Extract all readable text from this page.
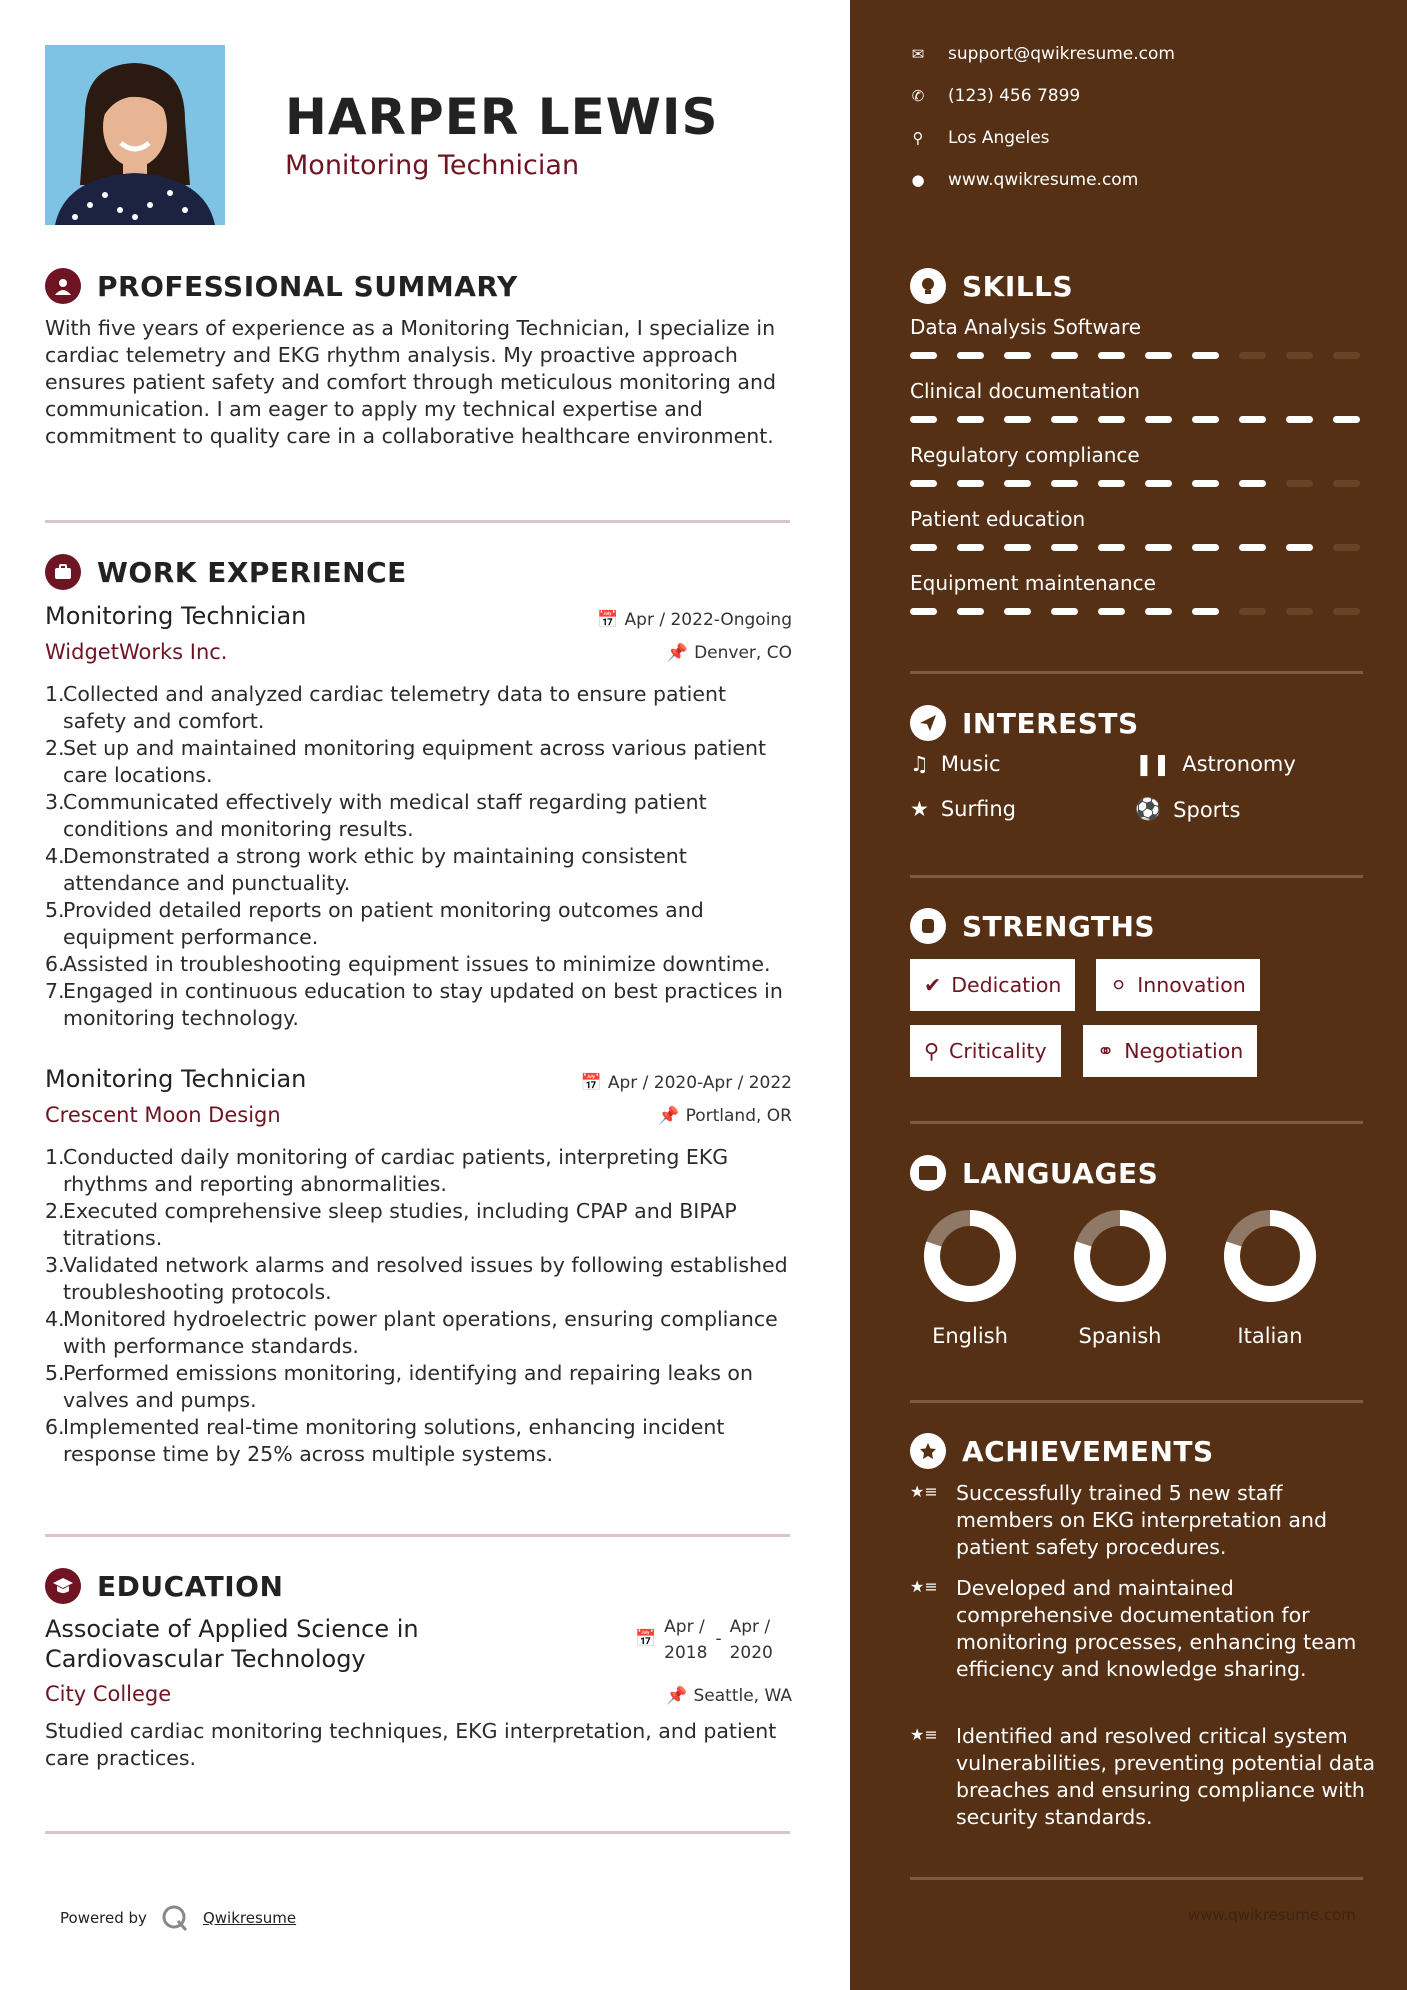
HARPER LEWIS
Monitoring Technician
PROFESSIONAL SUMMARY
With five years of experience as a Monitoring Technician, I specialize in cardiac telemetry and EKG rhythm analysis. My proactive approach ensures patient safety and comfort through meticulous monitoring and communication. I am eager to apply my technical expertise and commitment to quality care in a collaborative healthcare environment.
WORK EXPERIENCE
Monitoring Technician	📅 Apr / 2022-Ongoing
WidgetWorks Inc.	📌 Denver, CO
Collected and analyzed cardiac telemetry data to ensure patient safety and comfort.
Set up and maintained monitoring equipment across various patient care locations.
Communicated effectively with medical staff regarding patient conditions and monitoring results.
Demonstrated a strong work ethic by maintaining consistent attendance and punctuality.
Provided detailed reports on patient monitoring outcomes and equipment performance.
Assisted in troubleshooting equipment issues to minimize downtime.
Engaged in continuous education to stay updated on best practices in monitoring technology.
Monitoring Technician	📅 Apr / 2020-Apr / 2022
Crescent Moon Design	📌 Portland, OR
Conducted daily monitoring of cardiac patients, interpreting EKG rhythms and reporting abnormalities.
Executed comprehensive sleep studies, including CPAP and BIPAP titrations.
Validated network alarms and resolved issues by following established troubleshooting protocols.
Monitored hydroelectric power plant operations, ensuring compliance with performance standards.
Performed emissions monitoring, identifying and repairing leaks on valves and pumps.
Implemented real-time monitoring solutions, enhancing incident response time by 25% across multiple systems.
EDUCATION
Associate of Applied Science in
Cardiovascular Technology
📅
Apr /
2018
-
Apr /
2020
City College	📌 Seattle, WA
Studied cardiac monitoring techniques, EKG interpretation, and patient care practices.
Powered by	Qwikresume
✉ support@qwikresume.com
✆ (123) 456 7899
⚲ Los Angeles
● www.qwikresume.com
SKILLS
Data Analysis Software
Clinical documentation
Regulatory compliance
Patient education
Equipment maintenance
INTERESTS
♫ Music	❚❚ Astronomy
★ Surfing	⚽ Sports
STRENGTHS
✔ Dedication ⚪ Innovation
⚲ Criticality ⚭ Negotiation
LANGUAGES
English	Spanish	Italian
ACHIEVEMENTS
★≡ Successfully trained 5 new staff members on EKG interpretation and patient safety procedures.
★≡ Developed and maintained comprehensive documentation for monitoring processes, enhancing team efficiency and knowledge sharing.
★≡ Identified and resolved critical system vulnerabilities, preventing potential data breaches and ensuring compliance with security standards.
www.qwikresume.com
